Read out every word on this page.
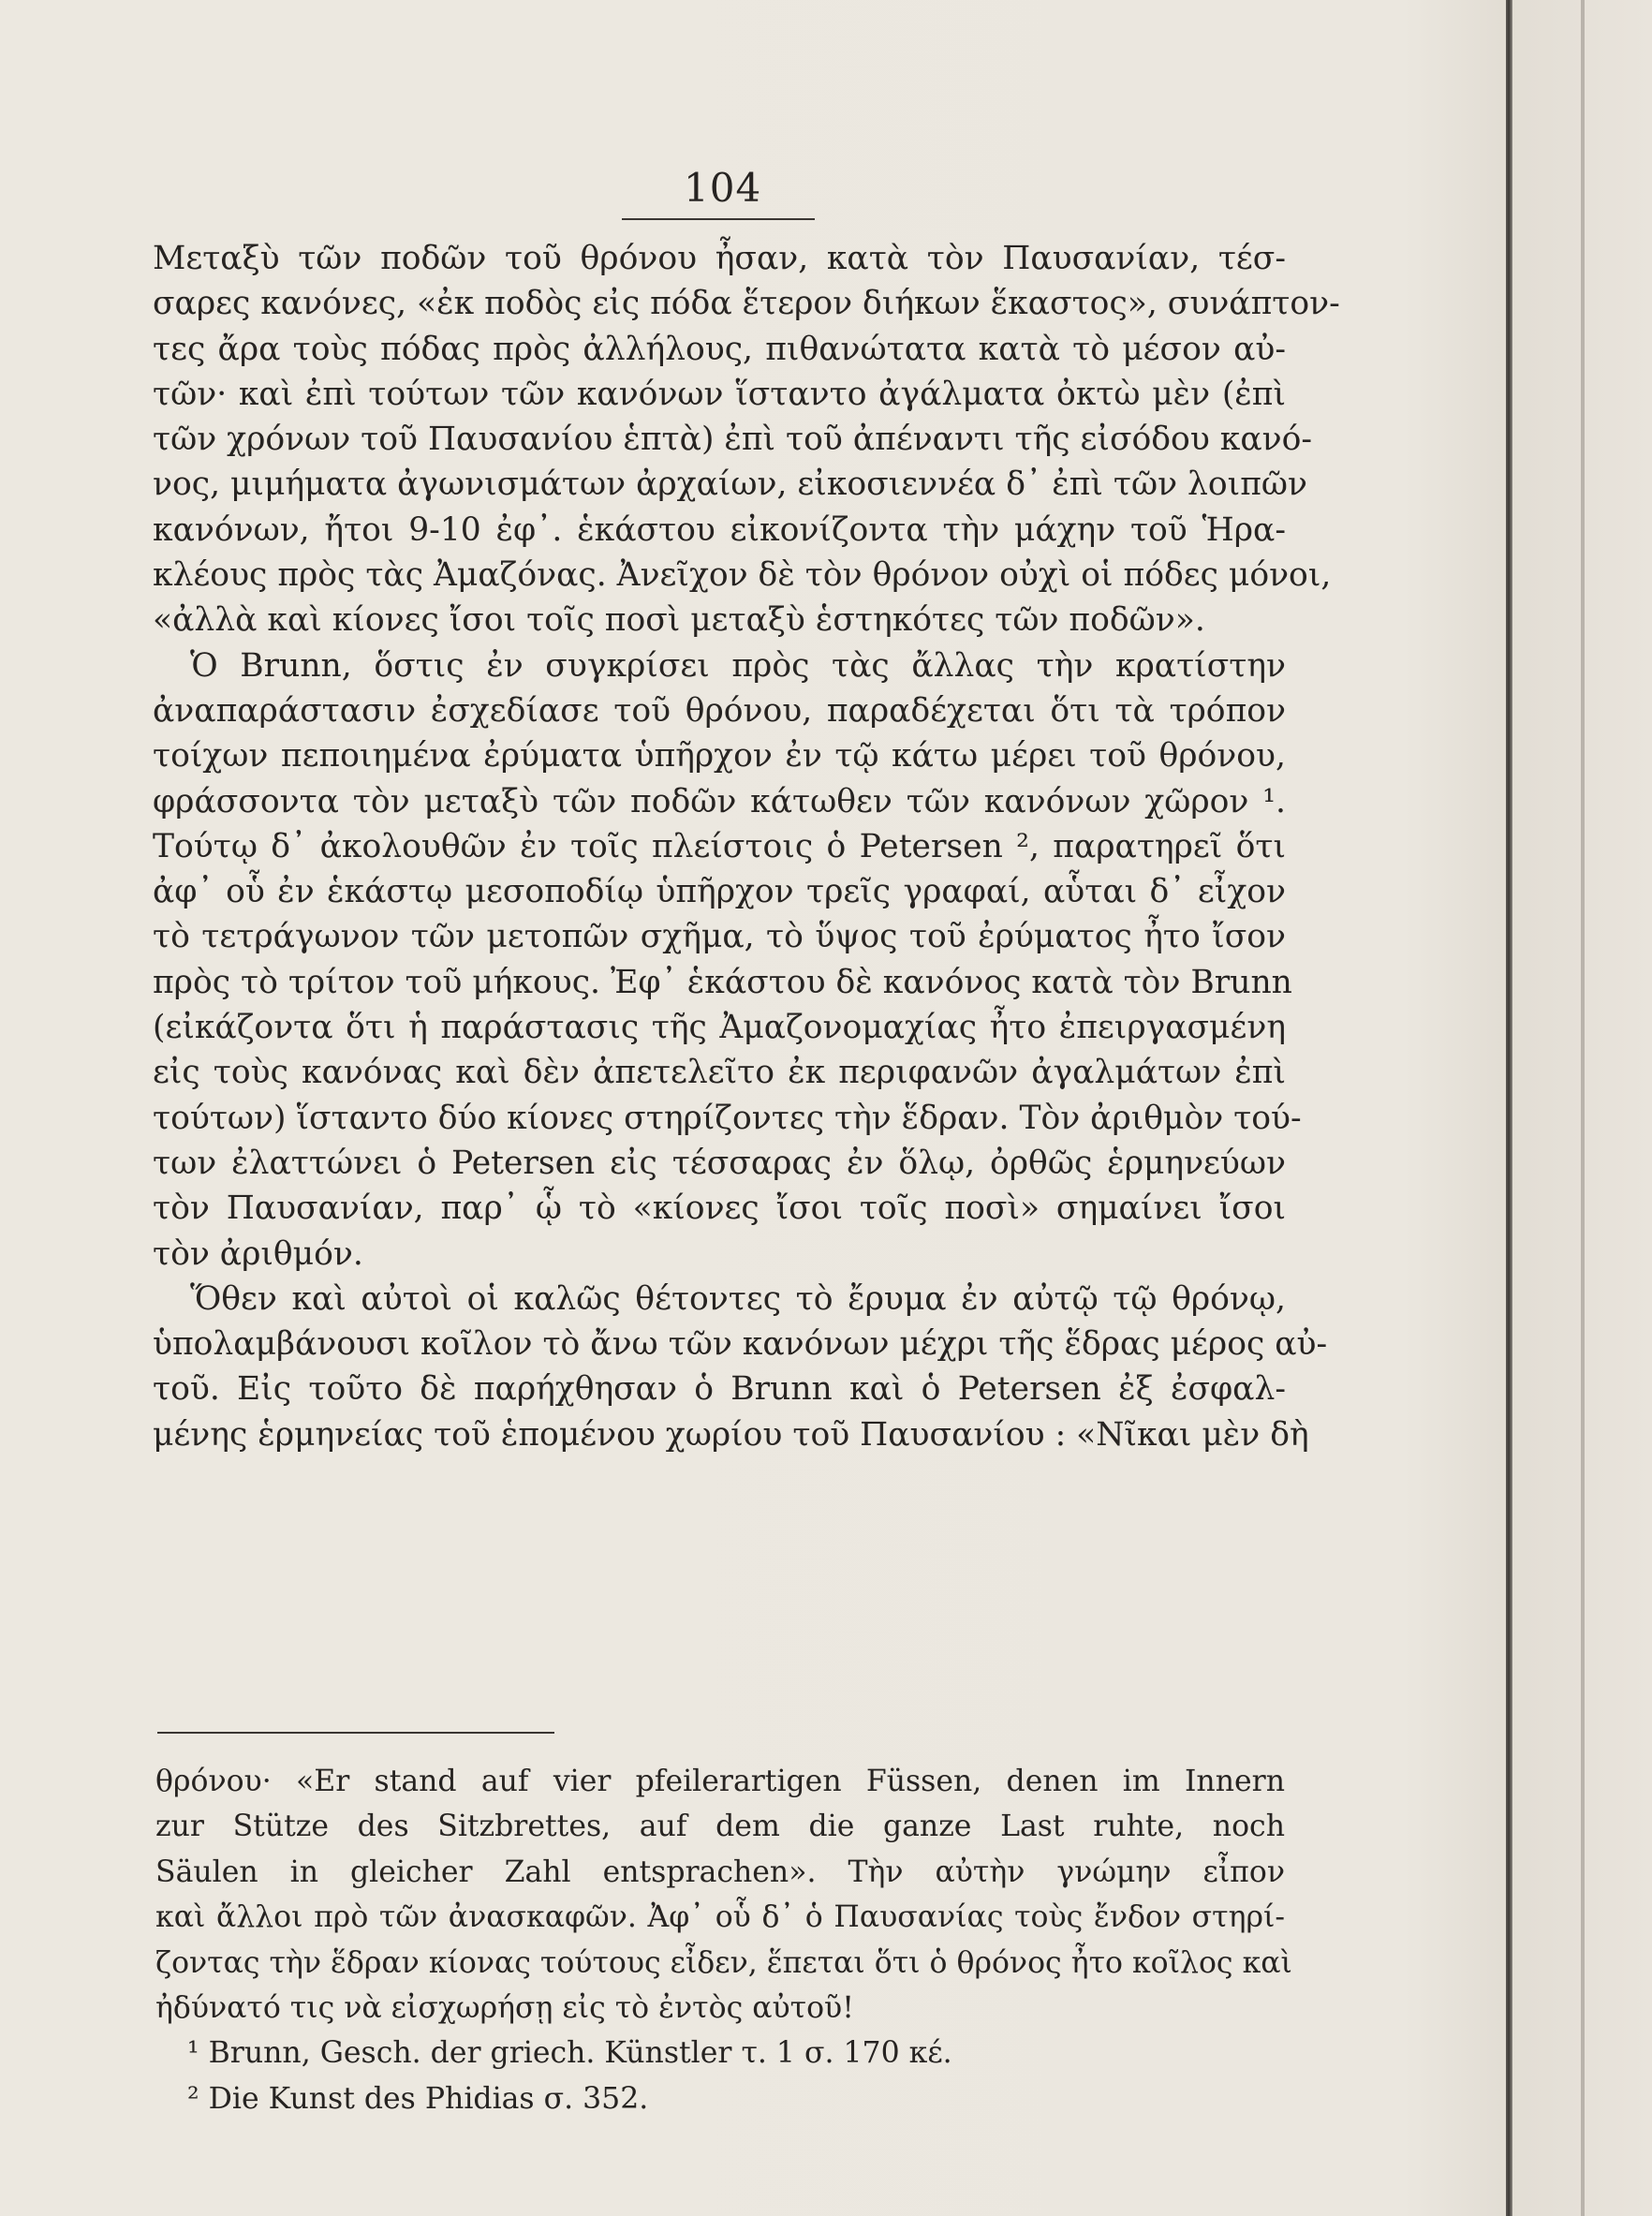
104
Μεταξὺ τῶν ποδῶν τοῦ θρόνου ἦσαν, κατὰ τὸν Παυσανίαν, τέσ-
σαρες κανόνες, «ἐκ ποδὸς εἰς πόδα ἕτερον διήκων ἕκαστος», συνάπτον-
τες ἄρα τοὺς πόδας πρὸς ἀλλήλους, πιθανώτατα κατὰ τὸ μέσον αὐ-
τῶν· καὶ ἐπὶ τούτων τῶν κανόνων ἵσταντο ἀγάλματα ὀκτὼ μὲν (ἐπὶ
τῶν χρόνων τοῦ Παυσανίου ἑπτὰ) ἐπὶ τοῦ ἀπέναντι τῆς εἰσόδου κανό-
νος, μιμήματα ἀγωνισμάτων ἀρχαίων, εἰκοσιεννέα δ᾽ ἐπὶ τῶν λοιπῶν
κανόνων, ἤτοι 9-10 ἐφ᾽. ἑκάστου εἰκονίζοντα τὴν μάχην τοῦ Ἡρα-
κλέους πρὸς τὰς Ἀμαζόνας. Ἀνεῖχον δὲ τὸν θρόνον οὐχὶ οἱ πόδες μόνοι,
«ἀλλὰ καὶ κίονες ἴσοι τοῖς ποσὶ μεταξὺ ἑστηκότες τῶν ποδῶν».
Ὁ Brunn, ὅστις ἐν συγκρίσει πρὸς τὰς ἄλλας τὴν κρατίστην
ἀναπαράστασιν ἐσχεδίασε τοῦ θρόνου, παραδέχεται ὅτι τὰ τρόπον
τοίχων πεποιημένα ἐρύματα ὑπῆρχον ἐν τῷ κάτω μέρει τοῦ θρόνου,
φράσσοντα τὸν μεταξὺ τῶν ποδῶν κάτωθεν τῶν κανόνων χῶρον ¹.
Τούτῳ δ᾽ ἀκολουθῶν ἐν τοῖς πλείστοις ὁ Petersen ², παρατηρεῖ ὅτι
ἀφ᾽ οὗ ἐν ἑκάστῳ μεσοποδίῳ ὑπῆρχον τρεῖς γραφαί, αὗται δ᾽ εἶχον
τὸ τετράγωνον τῶν μετοπῶν σχῆμα, τὸ ὕψος τοῦ ἐρύματος ἦτο ἴσον
πρὸς τὸ τρίτον τοῦ μήκους. Ἐφ᾽ ἑκάστου δὲ κανόνος κατὰ τὸν Brunn
(εἰκάζοντα ὅτι ἡ παράστασις τῆς Ἀμαζονομαχίας ἦτο ἐπειργασμένη
εἰς τοὺς κανόνας καὶ δὲν ἀπετελεῖτο ἐκ περιφανῶν ἀγαλμάτων ἐπὶ
τούτων) ἵσταντο δύο κίονες στηρίζοντες τὴν ἕδραν. Τὸν ἀριθμὸν τού-
των ἐλαττώνει ὁ Petersen εἰς τέσσαρας ἐν ὅλῳ, ὀρθῶς ἑρμηνεύων
τὸν Παυσανίαν, παρ᾽ ᾧ τὸ «κίονες ἴσοι τοῖς ποσὶ» σημαίνει ἴσοι
τὸν ἀριθμόν.
Ὅθεν καὶ αὐτοὶ οἱ καλῶς θέτοντες τὸ ἔρυμα ἐν αὐτῷ τῷ θρόνῳ,
ὑπολαμβάνουσι κοῖλον τὸ ἄνω τῶν κανόνων μέχρι τῆς ἕδρας μέρος αὐ-
τοῦ. Εἰς τοῦτο δὲ παρήχθησαν ὁ Brunn καὶ ὁ Petersen ἐξ ἐσφαλ-
μένης ἑρμηνείας τοῦ ἑπομένου χωρίου τοῦ Παυσανίου : «Νῖκαι μὲν δὴ
θρόνου· «Er stand auf vier pfeilerartigen Füssen, denen im Innern
zur Stütze des Sitzbrettes, auf dem die ganze Last ruhte, noch
Säulen in gleicher Zahl entsprachen». Τὴν αὐτὴν γνώμην εἶπον
καὶ ἄλλοι πρὸ τῶν ἀνασκαφῶν. Ἀφ᾽ οὗ δ᾽ ὁ Παυσανίας τοὺς ἔνδον στηρί-
ζοντας τὴν ἕδραν κίονας τούτους εἶδεν, ἕπεται ὅτι ὁ θρόνος ἦτο κοῖλος καὶ
ἠδύνατό τις νὰ εἰσχωρήσῃ εἰς τὸ ἐντὸς αὐτοῦ!
¹ Brunn, Gesch. der griech. Künstler τ. 1 σ. 170 κέ.
² Die Kunst des Phidias σ. 352.
